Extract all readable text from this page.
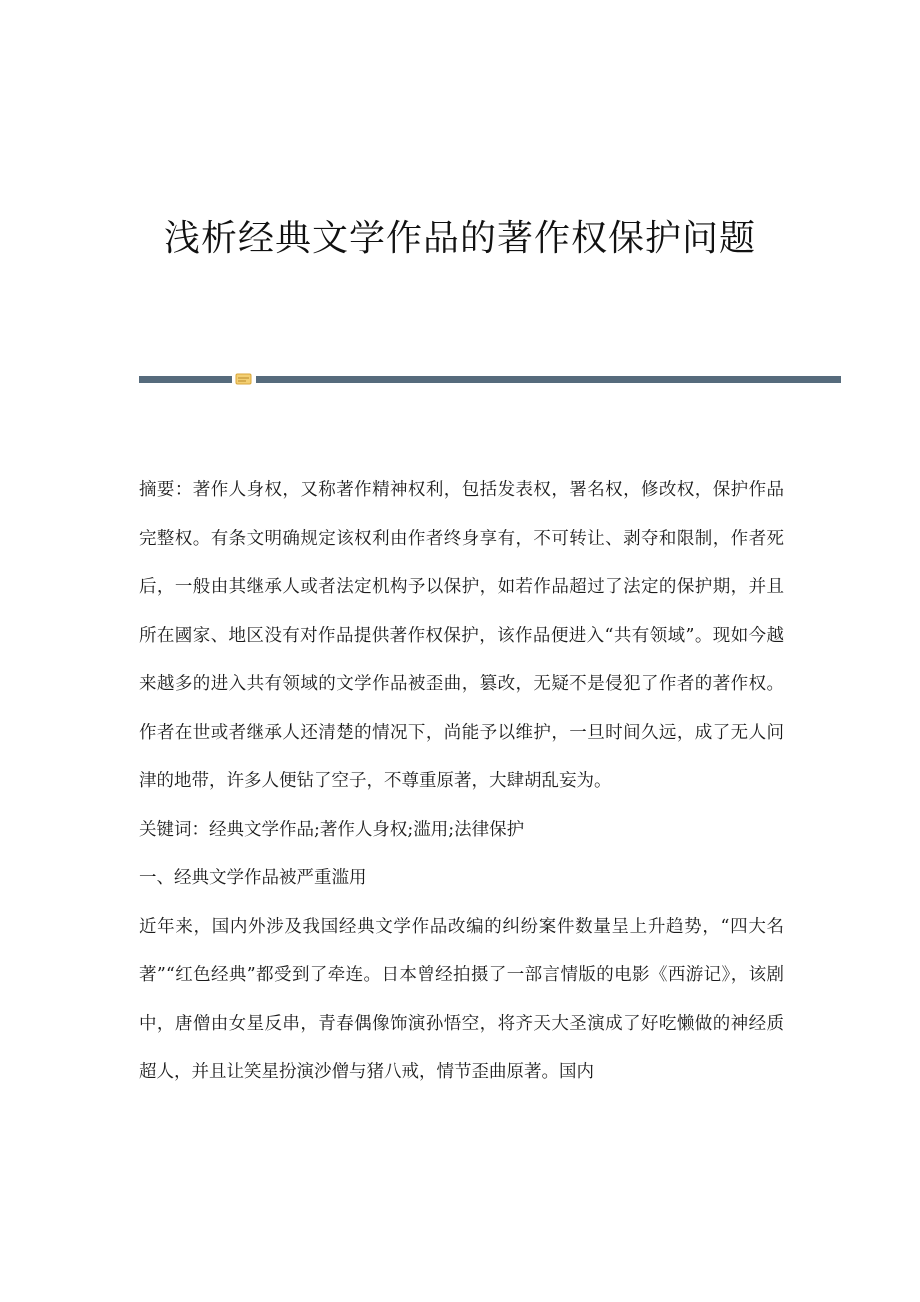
浅析经典文学作品的著作权保护问题

摘要：著作人身权，又称著作精神权利，包括发表权，署名权，修改权，保护作品完整权。有条文明确规定该权利由作者终身享有，不可转让、剥夺和限制，作者死后，一般由其继承人或者法定机构予以保护，如若作品超过了法定的保护期，并且所在國家、地区没有对作品提供著作权保护，该作品便进入“共有领域”。现如今越来越多的进入共有领域的文学作品被歪曲，篡改，无疑不是侵犯了作者的著作权。作者在世或者继承人还清楚的情况下，尚能予以维护，一旦时间久远，成了无人问津的地带，许多人便钻了空子，不尊重原著，大肆胡乱妄为。

关键词：经典文学作品;著作人身权;滥用;法律保护

一、经典文学作品被严重滥用

近年来，国内外涉及我国经典文学作品改编的纠纷案件数量呈上升趋势，“四大名著”“红色经典”都受到了牵连。日本曾经拍摄了一部言情版的电影《西游记》，该剧中，唐僧由女星反串，青春偶像饰演孙悟空，将齐天大圣演成了好吃懒做的神经质超人，并且让笑星扮演沙僧与猪八戒，情节歪曲原著。国内
